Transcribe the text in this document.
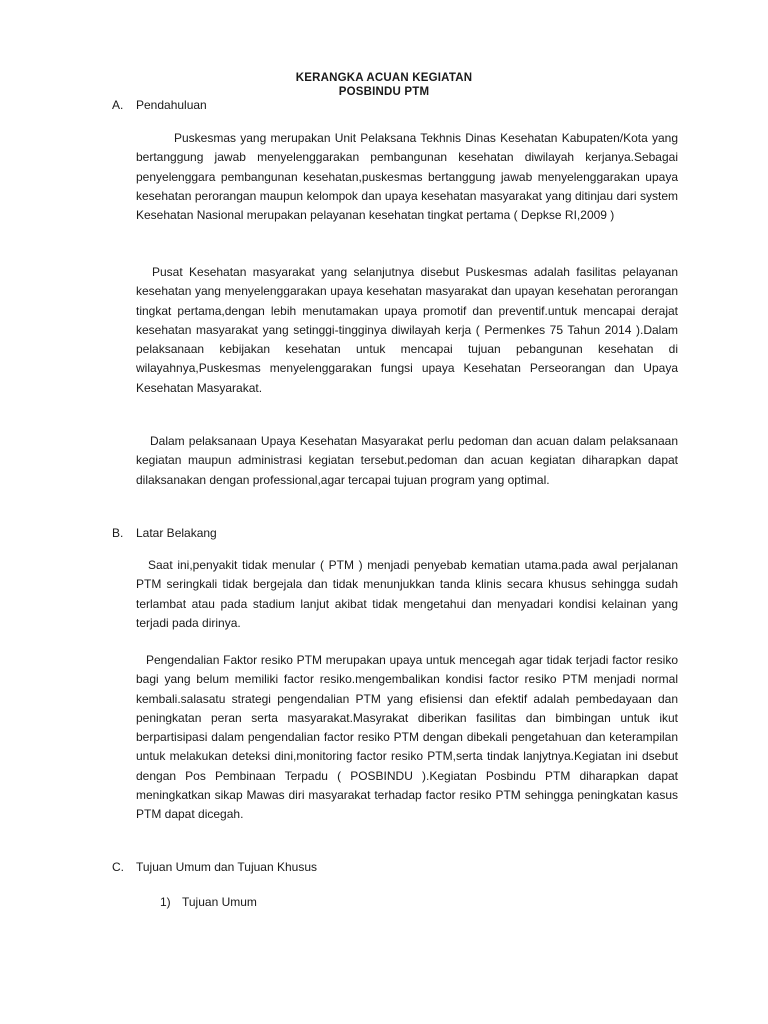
KERANGKA ACUAN KEGIATAN
POSBINDU PTM
A. Pendahuluan

Puskesmas yang merupakan Unit Pelaksana Tekhnis Dinas Kesehatan Kabupaten/Kota yang bertanggung jawab menyelenggarakan pembangunan kesehatan diwilayah kerjanya.Sebagai penyelenggara pembangunan kesehatan,puskesmas bertanggung jawab menyelenggarakan upaya kesehatan perorangan maupun kelompok dan upaya kesehatan masyarakat yang ditinjau dari system Kesehatan Nasional merupakan pelayanan kesehatan tingkat pertama ( Depkse RI,2009 )

Pusat Kesehatan masyarakat yang selanjutnya disebut Puskesmas adalah fasilitas pelayanan kesehatan yang menyelenggarakan upaya kesehatan masyarakat dan upayan kesehatan perorangan tingkat pertama,dengan lebih menutamakan upaya promotif dan preventif.untuk mencapai derajat kesehatan masyarakat yang setinggi-tingginya diwilayah kerja ( Permenkes 75 Tahun 2014 ).Dalam pelaksanaan kebijakan kesehatan untuk mencapai tujuan pebangunan kesehatan di wilayahnya,Puskesmas menyelenggarakan fungsi upaya Kesehatan Perseorangan dan Upaya Kesehatan Masyarakat.

Dalam pelaksanaan Upaya Kesehatan Masyarakat perlu pedoman dan acuan dalam pelaksanaan kegiatan maupun administrasi kegiatan tersebut.pedoman dan acuan kegiatan diharapkan dapat dilaksanakan dengan professional,agar tercapai tujuan program yang optimal.

B. Latar Belakang

Saat ini,penyakit tidak menular ( PTM ) menjadi penyebab kematian utama.pada awal perjalanan PTM seringkali tidak bergejala dan tidak menunjukkan tanda klinis secara khusus sehingga sudah terlambat atau pada stadium lanjut akibat tidak mengetahui dan menyadari kondisi kelainan yang terjadi pada dirinya.

Pengendalian Faktor resiko PTM merupakan upaya untuk mencegah agar tidak terjadi factor resiko bagi yang belum memiliki factor resiko.mengembalikan kondisi factor resiko PTM menjadi normal kembali.salasatu strategi pengendalian PTM yang efisiensi dan efektif adalah pembedayaan dan peningkatan peran serta masyarakat.Masyrakat diberikan fasilitas dan bimbingan untuk ikut berpartisipasi dalam pengendalian factor resiko PTM dengan dibekali pengetahuan dan keterampilan untuk melakukan deteksi dini,monitoring factor resiko PTM,serta tindak lanjytnya.Kegiatan ini dsebut dengan Pos Pembinaan Terpadu ( POSBINDU ).Kegiatan Posbindu PTM diharapkan dapat meningkatkan sikap Mawas diri masyarakat terhadap factor resiko PTM sehingga peningkatan kasus PTM dapat dicegah.

C. Tujuan Umum dan Tujuan Khusus
1) Tujuan Umum
